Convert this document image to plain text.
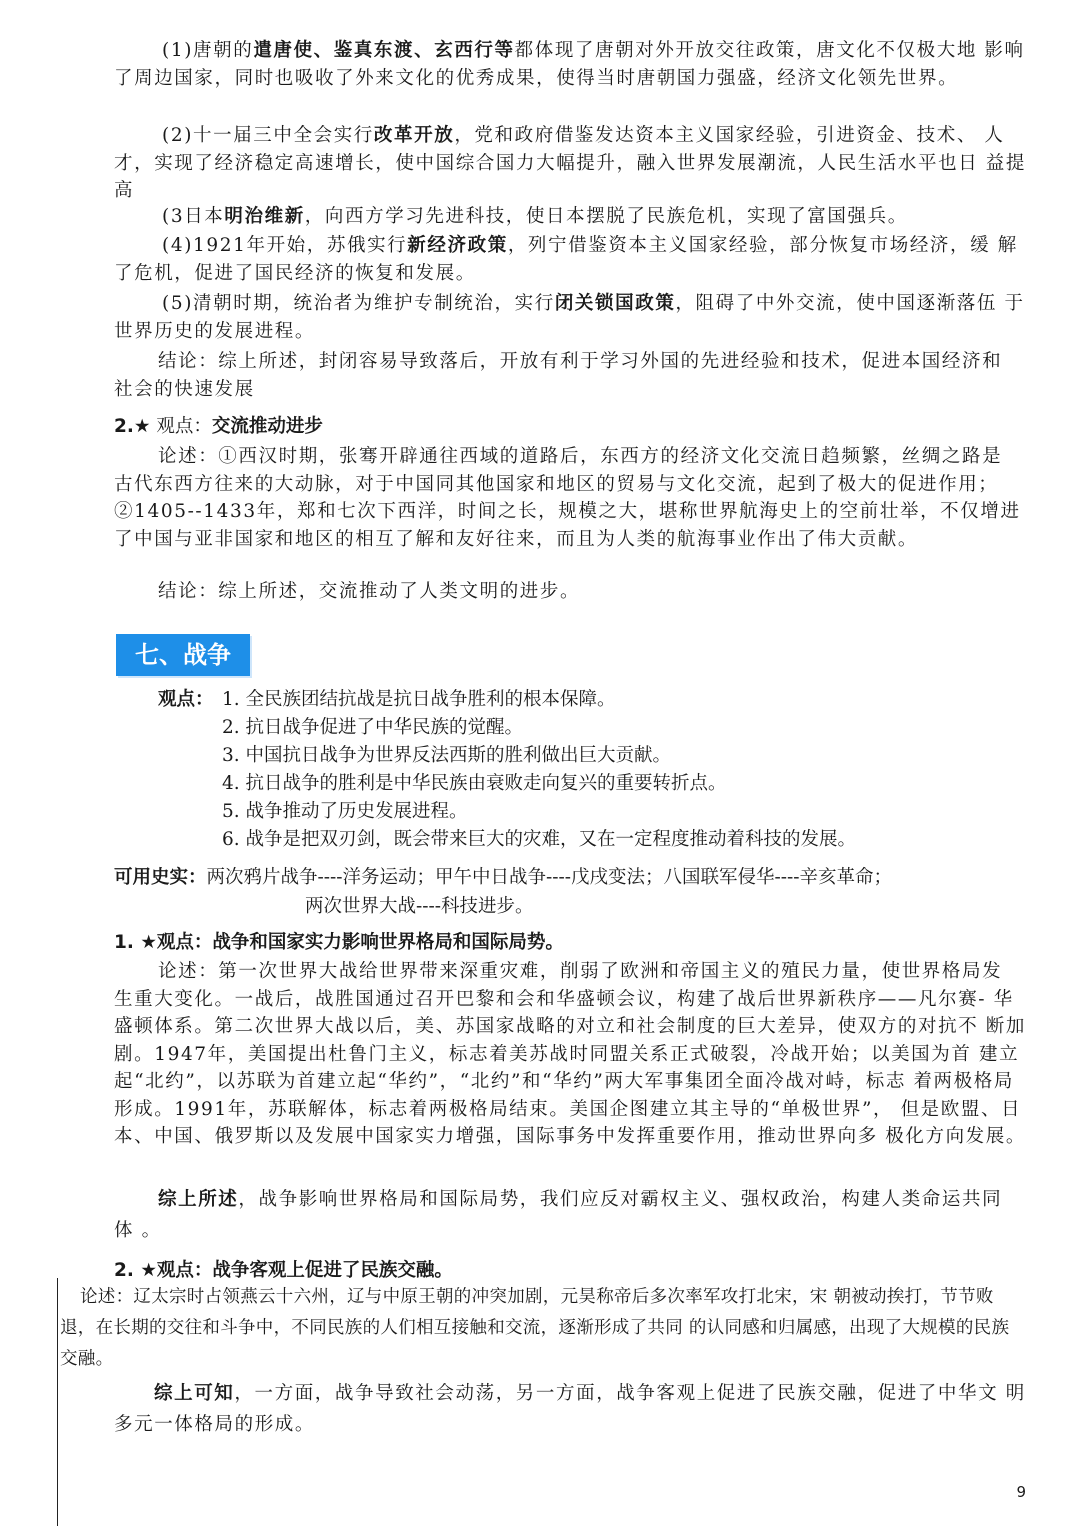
(1)唐朝的遣唐使、鉴真东渡、玄西行等都体现了唐朝对外开放交往政策，唐文化不仅极大地 影响了周边国家，同时也吸收了外来文化的优秀成果，使得当时唐朝国力强盛，经济文化领先世界。
(2)十一届三中全会实行改革开放，党和政府借鉴发达资本主义国家经验，引进资金、技术、 人才，实现了经济稳定高速增长，使中国综合国力大幅提升，融入世界发展潮流，人民生活水平也日 益提高
(3日本明治维新，向西方学习先进科技，使日本摆脱了民族危机，实现了富国强兵。
(4)1921年开始，苏俄实行新经济政策，列宁借鉴资本主义国家经验，部分恢复市场经济，缓 解了危机，促进了国民经济的恢复和发展。
(5)清朝时期，统治者为维护专制统治，实行闭关锁国政策，阻碍了中外交流，使中国逐渐落伍 于世界历史的发展进程。
结论：综上所述，封闭容易导致落后，开放有利于学习外国的先进经验和技术，促进本国经济和 社会的快速发展
2.★ 观点：交流推动进步
论述：①西汉时期，张骞开辟通往西域的道路后，东西方的经济文化交流日趋频繁，丝绸之路是 古代东西方往来的大动脉，对于中国同其他国家和地区的贸易与文化交流，起到了极大的促进作用； ②1405--1433年，郑和七次下西洋，时间之长，规模之大，堪称世界航海史上的空前壮举，不仅增进 了中国与亚非国家和地区的相互了解和友好往来，而且为人类的航海事业作出了伟大贡献。
结论：综上所述，交流推动了人类文明的进步。
七、战争
观点： 1. 全民族团结抗战是抗日战争胜利的根本保障。
2. 抗日战争促进了中华民族的觉醒。
3. 中国抗日战争为世界反法西斯的胜利做出巨大贡献。
4. 抗日战争的胜利是中华民族由衰败走向复兴的重要转折点。
5. 战争推动了历史发展进程。
6. 战争是把双刃剑，既会带来巨大的灾难，又在一定程度推动着科技的发展。
可用史实：两次鸦片战争----洋务运动；甲午中日战争----戊戌变法；八国联军侵华----辛亥革命；
两次世界大战----科技进步。
1. ★观点：战争和国家实力影响世界格局和国际局势。
论述：第一次世界大战给世界带来深重灾难，削弱了欧洲和帝国主义的殖民力量，使世界格局发 生重大变化。一战后，战胜国通过召开巴黎和会和华盛顿会议，构建了战后世界新秩序——凡尔赛- 华盛顿体系。第二次世界大战以后，美、苏国家战略的对立和社会制度的巨大差异，使双方的对抗不 断加剧。1947年，美国提出杜鲁门主义，标志着美苏战时同盟关系正式破裂，冷战开始；以美国为首 建立起“北约”，以苏联为首建立起“华约”，“北约”和“华约”两大军事集团全面冷战对峙，标志 着两极格局形成。1991年，苏联解体，标志着两极格局结束。美国企图建立其主导的“单极世界”， 但是欧盟、日本、中国、俄罗斯以及发展中国家实力增强，国际事务中发挥重要作用，推动世界向多 极化方向发展。
综上所述，战争影响世界格局和国际局势，我们应反对霸权主义、强权政治，构建人类命运共同 体 。
2. ★观点：战争客观上促进了民族交融。
论述：辽太宗时占领燕云十六州，辽与中原王朝的冲突加剧，元昊称帝后多次率军攻打北宋，宋 朝被动挨打，节节败退，在长期的交往和斗争中，不同民族的人们相互接触和交流，逐渐形成了共同 的认同感和归属感，出现了大规模的民族交融。
综上可知，一方面，战争导致社会动荡，另一方面，战争客观上促进了民族交融，促进了中华文 明多元一体格局的形成。
9
